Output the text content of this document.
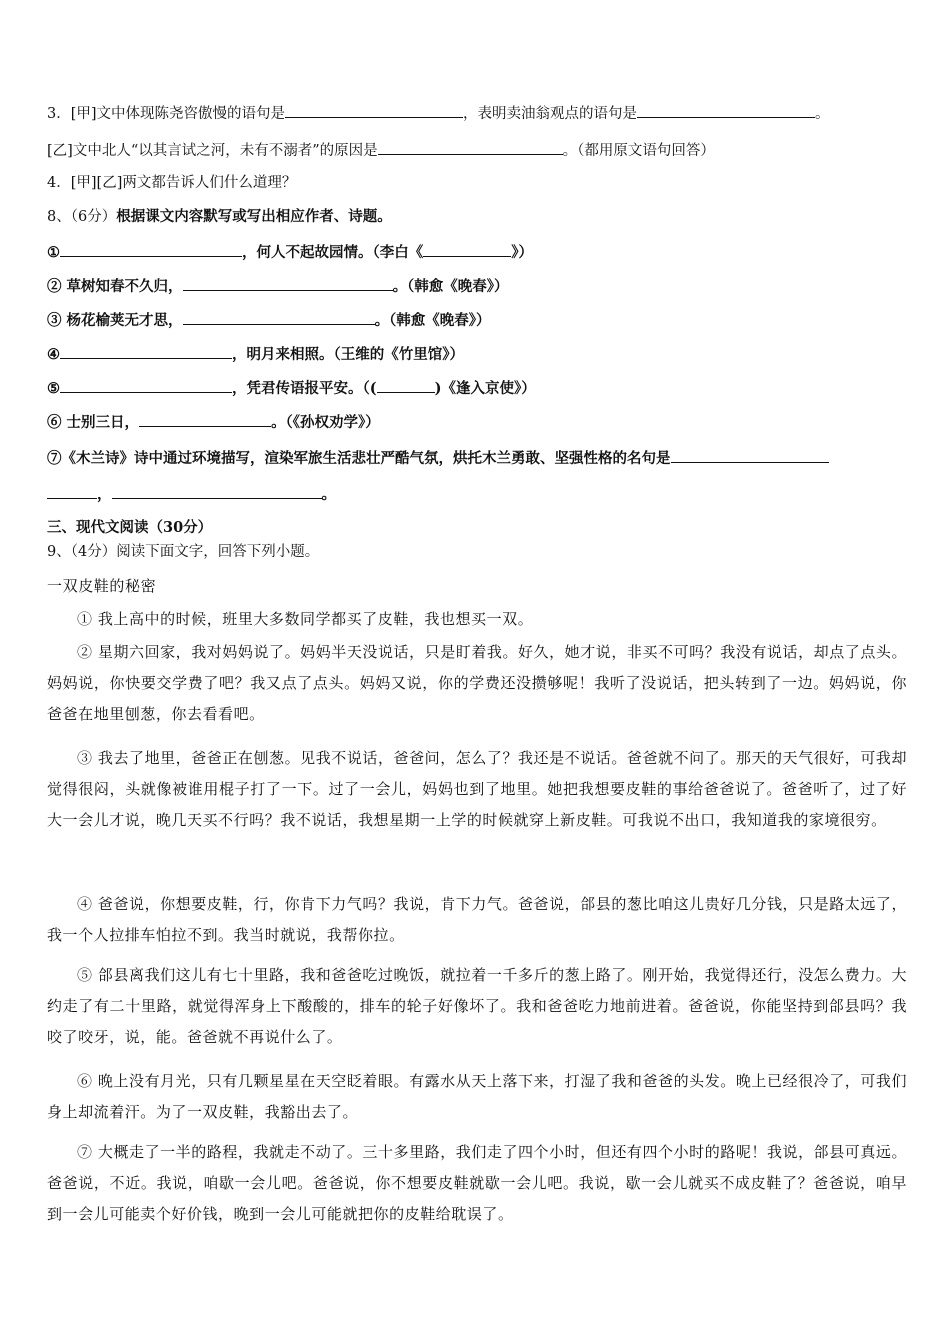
3．[甲]文中体现陈尧咨傲慢的语句是	，表明卖油翁观点的语句是	。
[乙]文中北人“以其言试之河，未有不溺者”的原因是	。（都用原文语句回答）
4．[甲][乙]两文都告诉人们什么道理？
8、（6分）根据课文内容默写或写出相应作者、诗题。
①	，何人不起故园情。（李白《	》）
② 草树知春不久归，	。（韩愈《晚春》）
③ 杨花榆荚无才思，	。（韩愈《晚春》）
④	，明月来相照。（王维的《竹里馆》）
⑤	，凭君传语报平安。（(	)《逢入京使》）
⑥ 士别三日，	。（《孙权劝学》）
⑦《木兰诗》诗中通过环境描写，渲染军旅生活悲壮严酷气氛，烘托木兰勇敢、坚强性格的名句是
，	。
三、现代文阅读（30分）
9、（4分）阅读下面文字，回答下列小题。
一双皮鞋的秘密
① 我上高中的时候，班里大多数同学都买了皮鞋，我也想买一双。
② 星期六回家，我对妈妈说了。妈妈半天没说话，只是盯着我。好久，她才说，非买不可吗？我没有说话，却点了点头。妈妈说，你快要交学费了吧？我又点了点头。妈妈又说，你的学费还没攒够呢！我听了没说话，把头转到了一边。妈妈说，你爸爸在地里刨葱，你去看看吧。
③ 我去了地里，爸爸正在刨葱。见我不说话，爸爸问，怎么了？我还是不说话。爸爸就不问了。那天的天气很好，可我却觉得很闷，头就像被谁用棍子打了一下。过了一会儿，妈妈也到了地里。她把我想要皮鞋的事给爸爸说了。爸爸听了，过了好大一会儿才说，晚几天买不行吗？我不说话，我想星期一上学的时候就穿上新皮鞋。可我说不出口，我知道我的家境很穷。
④ 爸爸说，你想要皮鞋，行，你肯下力气吗？我说，肯下力气。爸爸说，郃县的葱比咱这儿贵好几分钱，只是路太远了，我一个人拉排车怕拉不到。我当时就说，我帮你拉。
⑤ 郃县离我们这儿有七十里路，我和爸爸吃过晚饭，就拉着一千多斤的葱上路了。刚开始，我觉得还行，没怎么费力。大约走了有二十里路，就觉得浑身上下酸酸的，排车的轮子好像坏了。我和爸爸吃力地前进着。爸爸说，你能坚持到郃县吗？我咬了咬牙，说，能。爸爸就不再说什么了。
⑥ 晚上没有月光，只有几颗星星在天空眨着眼。有露水从天上落下来，打湿了我和爸爸的头发。晚上已经很冷了，可我们身上却流着汗。为了一双皮鞋，我豁出去了。
⑦ 大概走了一半的路程，我就走不动了。三十多里路，我们走了四个小时，但还有四个小时的路呢！我说，郃县可真远。爸爸说，不近。我说，咱歇一会儿吧。爸爸说，你不想要皮鞋就歇一会儿吧。我说，歇一会儿就买不成皮鞋了？爸爸说，咱早到一会儿可能卖个好价钱，晚到一会儿可能就把你的皮鞋给耽误了。
